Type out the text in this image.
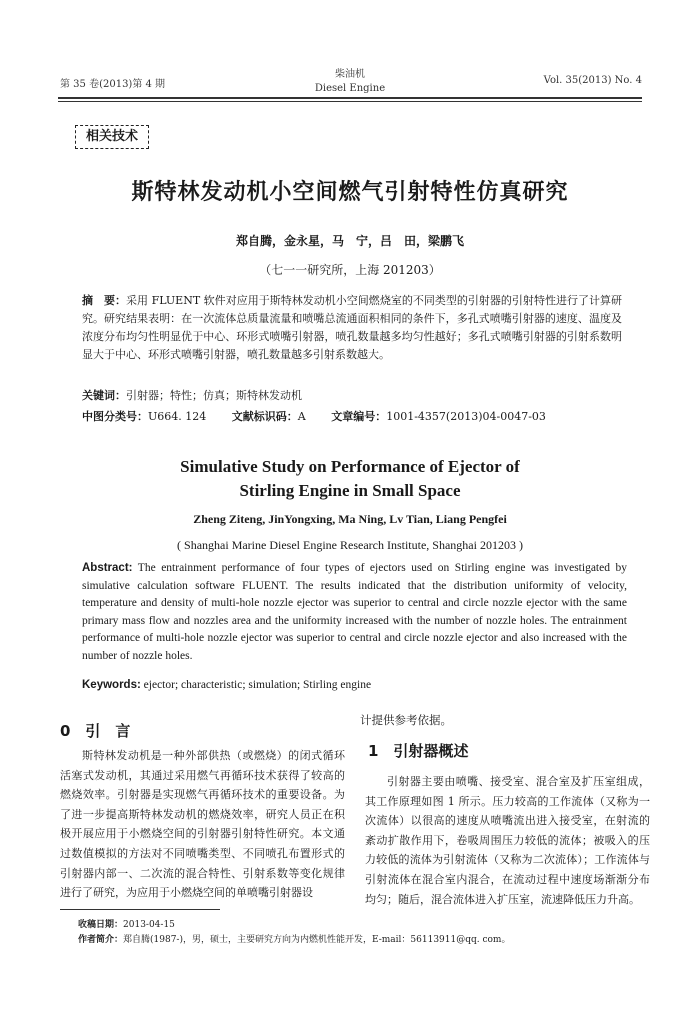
第 35 卷(2013)第 4 期
柴油机
Diesel Engine
Vol. 35(2013) No. 4
相关技术
斯特林发动机小空间燃气引射特性仿真研究
郑自腾，金永星，马　宁，吕　田，梁鹏飞
（七一一研究所，上海 201203）
摘　要：采用 FLUENT 软件对应用于斯特林发动机小空间燃烧室的不同类型的引射器的引射特性进行了计算研究。研究结果表明：在一次流体总质量流量和喷嘴总流通面积相同的条件下，多孔式喷嘴引射器的速度、温度及浓度分布均匀性明显优于中心、环形式喷嘴引射器，喷孔数量越多均匀性越好；多孔式喷嘴引射器的引射系数明显大于中心、环形式喷嘴引射器，喷孔数量越多引射系数越大。
关键词：引射器；特性；仿真；斯特林发动机
中图分类号：U664. 124 文献标识码：A 文章编号：1001-4357(2013)04-0047-03
Simulative Study on Performance of Ejector of
Stirling Engine in Small Space
Zheng Ziteng, JinYongxing, Ma Ning, Lv Tian, Liang Pengfei
( Shanghai Marine Diesel Engine Research Institute, Shanghai 201203 )
Abstract: The entrainment performance of four types of ejectors used on Stirling engine was investigated by simulative calculation software FLUENT. The results indicated that the distribution uniformity of velocity, temperature and density of multi-hole nozzle ejector was superior to central and circle nozzle ejector with the same primary mass flow and nozzles area and the uniformity increased with the number of nozzle holes. The entrainment performance of multi-hole nozzle ejector was superior to central and circle nozzle ejector and also increased with the number of nozzle holes.
Keywords: ejector; characteristic; simulation; Stirling engine
0　引　言
斯特林发动机是一种外部供热（或燃烧）的闭式循环活塞式发动机，其通过采用燃气再循环技术获得了较高的燃烧效率。引射器是实现燃气再循环技术的重要设备。为了进一步提高斯特林发动机的燃烧效率，研究人员正在积极开展应用于小燃烧空间的引射器引射特性研究。本文通过数值模拟的方法对不同喷嘴类型、不同喷孔布置形式的引射器内部一、二次流的混合特性、引射系数等变化规律进行了研究，为应用于小燃烧空间的单喷嘴引射器设
计提供参考依据。
1　引射器概述
引射器主要由喷嘴、接受室、混合室及扩压室组成，其工作原理如图 1 所示。压力较高的工作流体（又称为一次流体）以很高的速度从喷嘴流出进入接受室，在射流的紊动扩散作用下，卷吸周围压力较低的流体；被吸入的压力较低的流体为引射流体（又称为二次流体）；工作流体与引射流体在混合室内混合，在流动过程中速度场渐渐分布均匀；随后，混合流体进入扩压室，流速降低压力升高。
收稿日期：2013-04-15
作者简介：郑自腾(1987-)，男，硕士，主要研究方向为内燃机性能开发，E-mail：56113911@qq. com。
